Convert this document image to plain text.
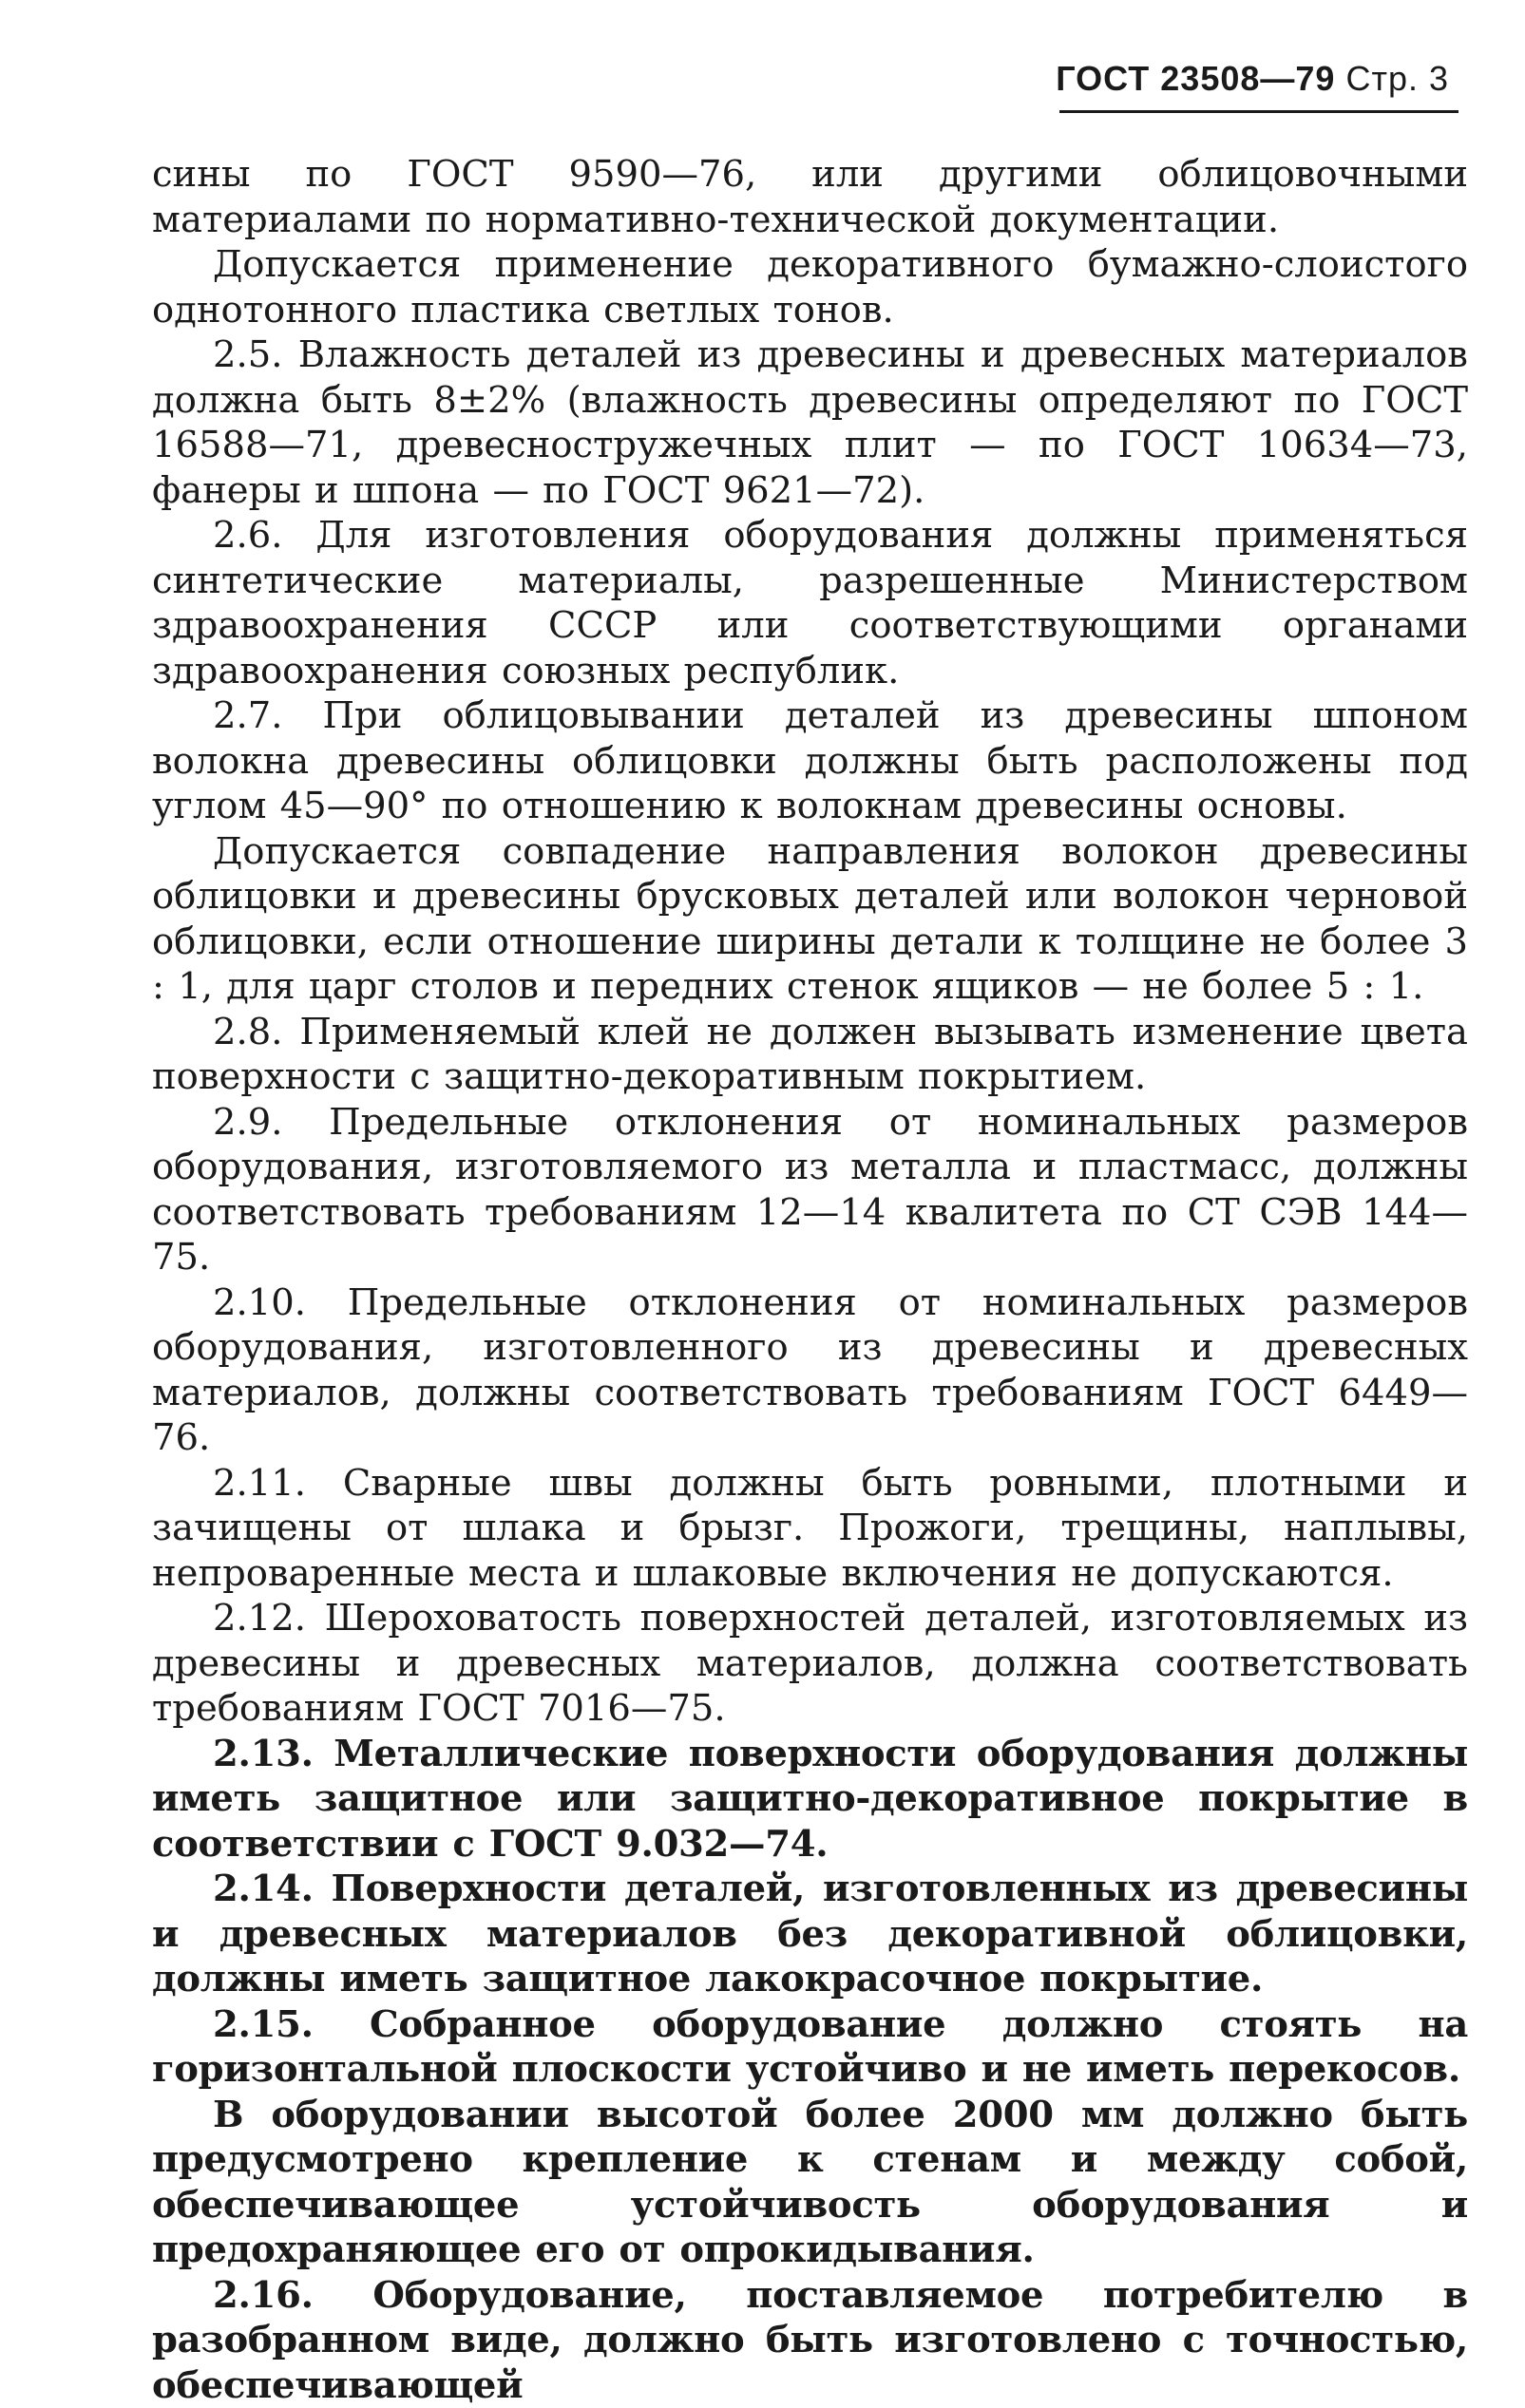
ГОСТ 23508—79 Стр. 3

сины по ГОСТ 9590—76, или другими облицовочными материалами по нормативно-технической документации.

Допускается применение декоративного бумажно-слоистого однотонного пластика светлых тонов.

2.5. Влажность деталей из древесины и древесных материалов должна быть 8±2% (влажность древесины определяют по ГОСТ 16588—71, древесностружечных плит — по ГОСТ 10634—73, фанеры и шпона — по ГОСТ 9621—72).

2.6. Для изготовления оборудования должны применяться синтетические материалы, разрешенные Министерством здравоохранения СССР или соответствующими органами здравоохранения союзных республик.

2.7. При облицовывании деталей из древесины шпоном волокна древесины облицовки должны быть расположены под углом 45—90° по отношению к волокнам древесины основы.

Допускается совпадение направления волокон древесины облицовки и древесины брусковых деталей или волокон черновой облицовки, если отношение ширины детали к толщине не более 3 : 1, для царг столов и передних стенок ящиков — не более 5 : 1.

2.8. Применяемый клей не должен вызывать изменение цвета поверхности с защитно-декоративным покрытием.

2.9. Предельные отклонения от номинальных размеров оборудования, изготовляемого из металла и пластмасс, должны соответствовать требованиям 12—14 квалитета по СТ СЭВ 144—75.

2.10. Предельные отклонения от номинальных размеров оборудования, изготовленного из древесины и древесных материалов, должны соответствовать требованиям ГОСТ 6449—76.

2.11. Сварные швы должны быть ровными, плотными и зачищены от шлака и брызг. Прожоги, трещины, наплывы, непроваренные места и шлаковые включения не допускаются.

2.12. Шероховатость поверхностей деталей, изготовляемых из древесины и древесных материалов, должна соответствовать требованиям ГОСТ 7016—75.

2.13. Металлические поверхности оборудования должны иметь защитное или защитно-декоративное покрытие в соответствии с ГОСТ 9.032—74.

2.14. Поверхности деталей, изготовленных из древесины и древесных материалов без декоративной облицовки, должны иметь защитное лакокрасочное покрытие.

2.15. Собранное оборудование должно стоять на горизонтальной плоскости устойчиво и не иметь перекосов.

В оборудовании высотой более 2000 мм должно быть предусмотрено крепление к стенам и между собой, обеспечивающее устойчивость оборудования и предохраняющее его от опрокидывания.

2.16. Оборудование, поставляемое потребителю в разобранном виде, должно быть изготовлено с точностью, обеспечивающей
